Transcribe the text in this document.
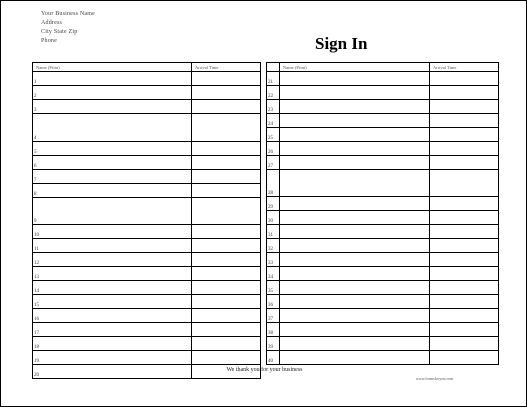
Your Business Name
Address
City State Zip
Phone	Sign In
Name (Print)	Arrival Time
1	
2	
3	
4	
5	
6	
7	
8	
9	
10	
11	
12	
13	
14	
15	
16	
17	
18	
19	
20	
	Name (Print)	Arrival Time
21		
22		
23		
24		
25		
26		
27		
28		
29		
30		
31		
32		
33		
34		
35		
36		
37		
38		
39		
40		
We thank you for your business
www.formsforyou.com
